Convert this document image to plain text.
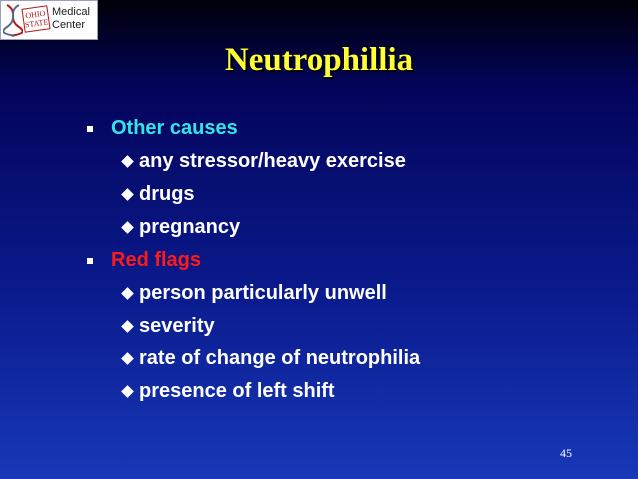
OHIO
STATE
Medical
Center
Neutrophillia
Other causes
any stressor/heavy exercise
drugs
pregnancy
Red flags
person particularly unwell
severity
rate of change of neutrophilia
presence of left shift
45
